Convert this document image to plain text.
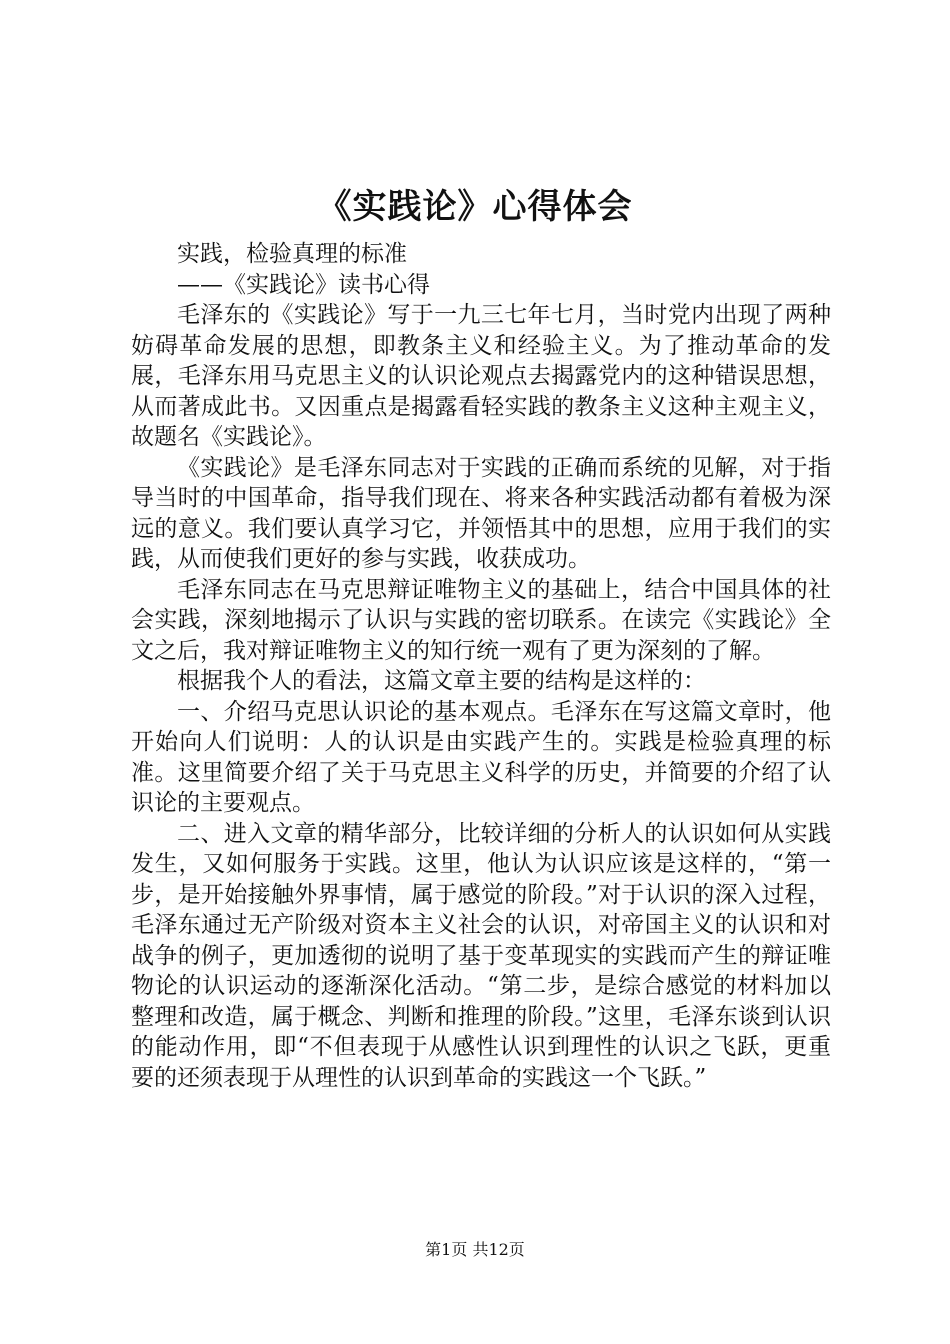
《实践论》心得体会

实践，检验真理的标准

——《实践论》读书心得

毛泽东的《实践论》写于一九三七年七月，当时党内出现了两种妨碍革命发展的思想，即教条主义和经验主义。为了推动革命的发展，毛泽东用马克思主义的认识论观点去揭露党内的这种错误思想，从而著成此书。又因重点是揭露看轻实践的教条主义这种主观主义，故题名《实践论》。

《实践论》是毛泽东同志对于实践的正确而系统的见解，对于指导当时的中国革命，指导我们现在、将来各种实践活动都有着极为深远的意义。我们要认真学习它，并领悟其中的思想，应用于我们的实践，从而使我们更好的参与实践，收获成功。

毛泽东同志在马克思辩证唯物主义的基础上，结合中国具体的社会实践，深刻地揭示了认识与实践的密切联系。在读完《实践论》全文之后，我对辩证唯物主义的知行统一观有了更为深刻的了解。

根据我个人的看法，这篇文章主要的结构是这样的：

一、介绍马克思认识论的基本观点。毛泽东在写这篇文章时，他开始向人们说明：人的认识是由实践产生的。实践是检验真理的标准。这里简要介绍了关于马克思主义科学的历史，并简要的介绍了认识论的主要观点。

二、进入文章的精华部分，比较详细的分析人的认识如何从实践发生，又如何服务于实践。这里，他认为认识应该是这样的，“第一步，是开始接触外界事情，属于感觉的阶段。”对于认识的深入过程，毛泽东通过无产阶级对资本主义社会的认识，对帝国主义的认识和对战争的例子，更加透彻的说明了基于变革现实的实践而产生的辩证唯物论的认识运动的逐渐深化活动。“第二步，是综合感觉的材料加以整理和改造，属于概念、判断和推理的阶段。”这里，毛泽东谈到认识的能动作用，即“不但表现于从感性认识到理性的认识之飞跃，更重要的还须表现于从理性的认识到革命的实践这一个飞跃。”

第1页 共12页
